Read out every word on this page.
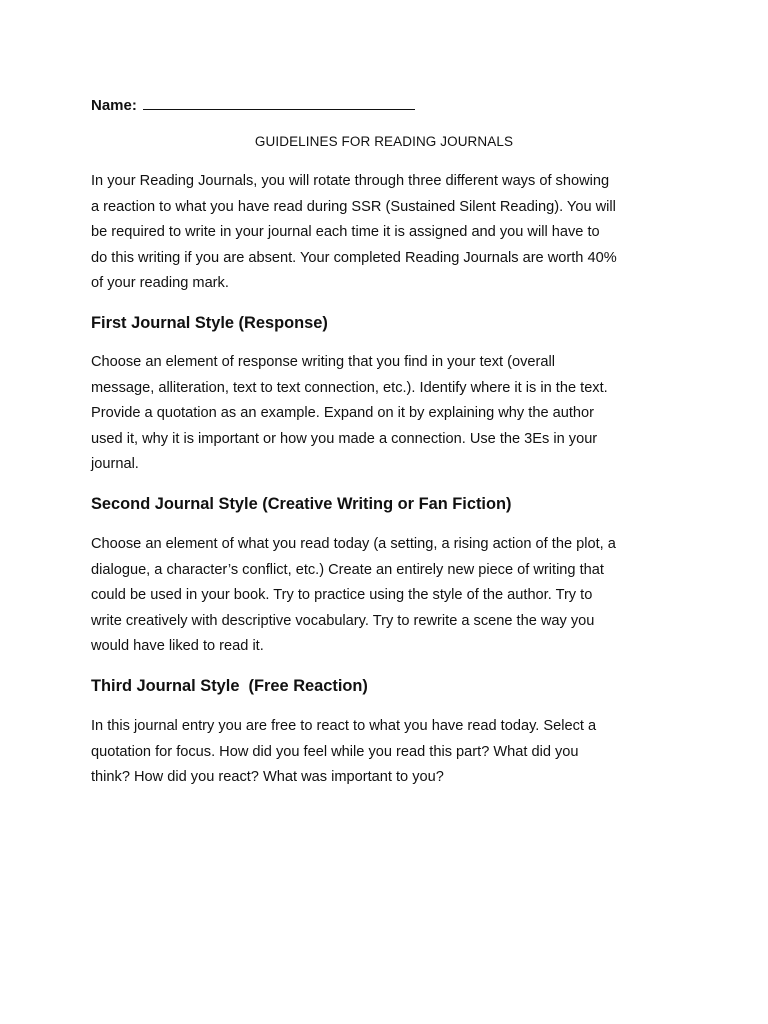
Name:
GUIDELINES FOR READING JOURNALS

In your Reading Journals, you will rotate through three different ways of showing
a reaction to what you have read during SSR (Sustained Silent Reading). You will
be required to write in your journal each time it is assigned and you will have to
do this writing if you are absent. Your completed Reading Journals are worth 40%
of your reading mark.

First Journal Style (Response)

Choose an element of response writing that you find in your text (overall
message, alliteration, text to text connection, etc.). Identify where it is in the text.
Provide a quotation as an example. Expand on it by explaining why the author
used it, why it is important or how you made a connection. Use the 3Es in your
journal.

Second Journal Style (Creative Writing or Fan Fiction)

Choose an element of what you read today (a setting, a rising action of the plot, a
dialogue, a character’s conflict, etc.) Create an entirely new piece of writing that
could be used in your book. Try to practice using the style of the author. Try to
write creatively with descriptive vocabulary. Try to rewrite a scene the way you
would have liked to read it.

Third Journal Style  (Free Reaction)

In this journal entry you are free to react to what you have read today. Select a
quotation for focus. How did you feel while you read this part? What did you
think? How did you react? What was important to you?
